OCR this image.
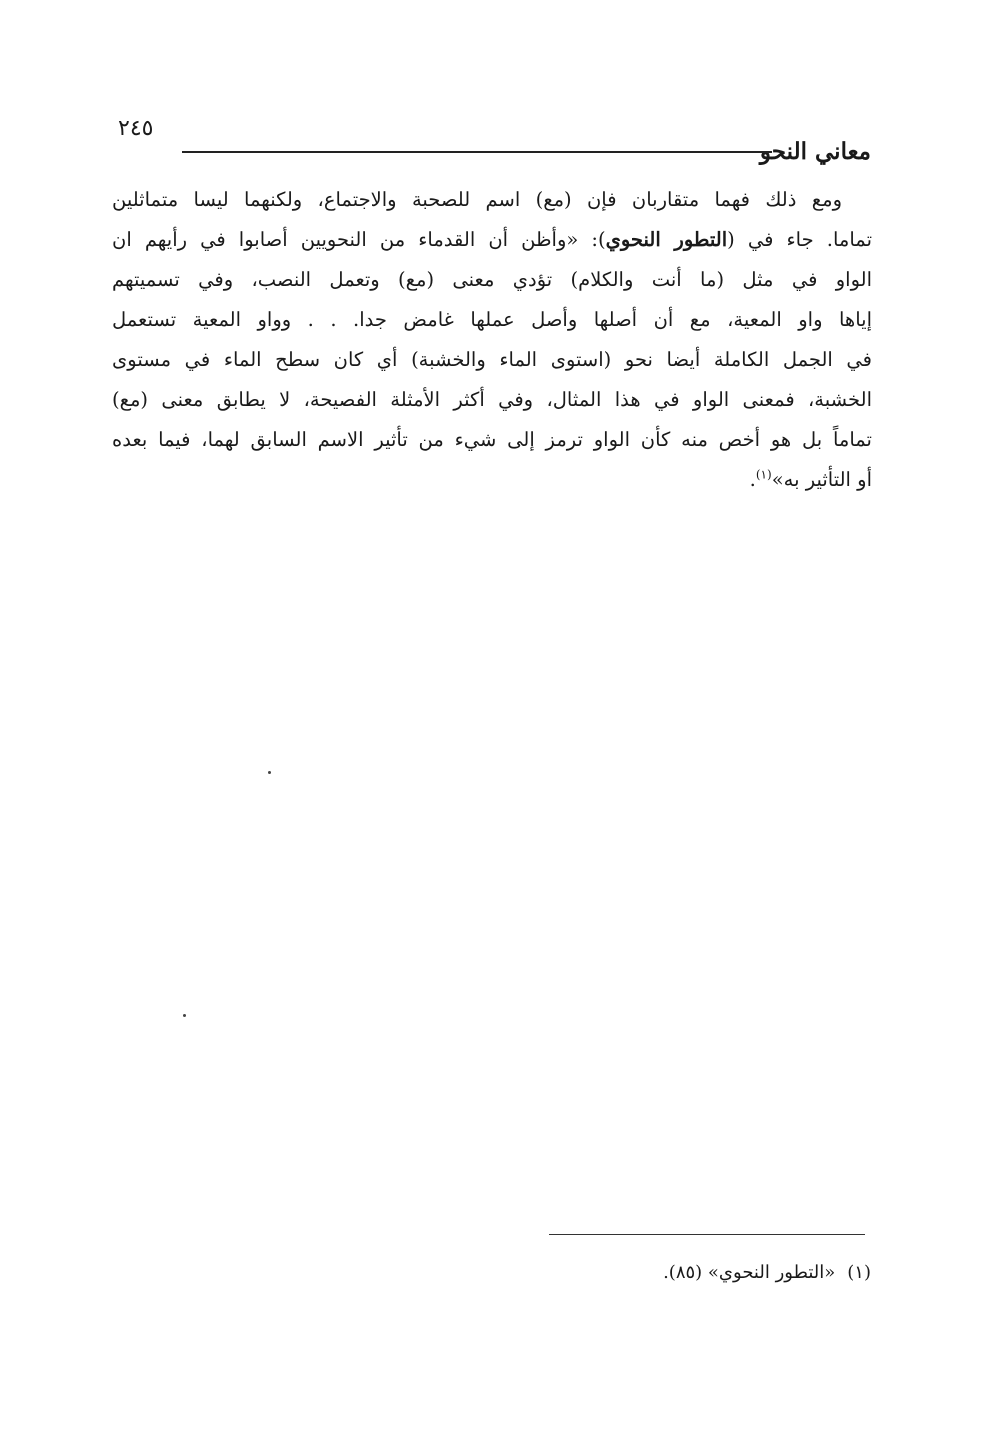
معاني النحو
٢٤٥
ومع ذلك فهما متقاربان فإن (مع) اسم للصحبة والاجتماع، ولكنهما ليسا متماثلين
تماما. جاء في (التطور النحوي): «وأظن أن القدماء من النحويين أصابوا في رأيهم ان
الواو في مثل (ما أنت والكلام) تؤدي معنى (مع) وتعمل النصب، وفي تسميتهم
إياها واو المعية، مع أن أصلها وأصل عملها غامض جدا. . . وواو المعية تستعمل
في الجمل الكاملة أيضا نحو (استوى الماء والخشبة) أي كان سطح الماء في مستوى
الخشبة، فمعنى الواو في هذا المثال، وفي أكثر الأمثلة الفصيحة، لا يطابق معنى (مع)
تماماً بل هو أخص منه كأن الواو ترمز إلى شيء من تأثير الاسم السابق لهما، فيما بعده
أو التأثير به»$^{(١)}$.
(١)«التطور النحوي» (٨٥).
